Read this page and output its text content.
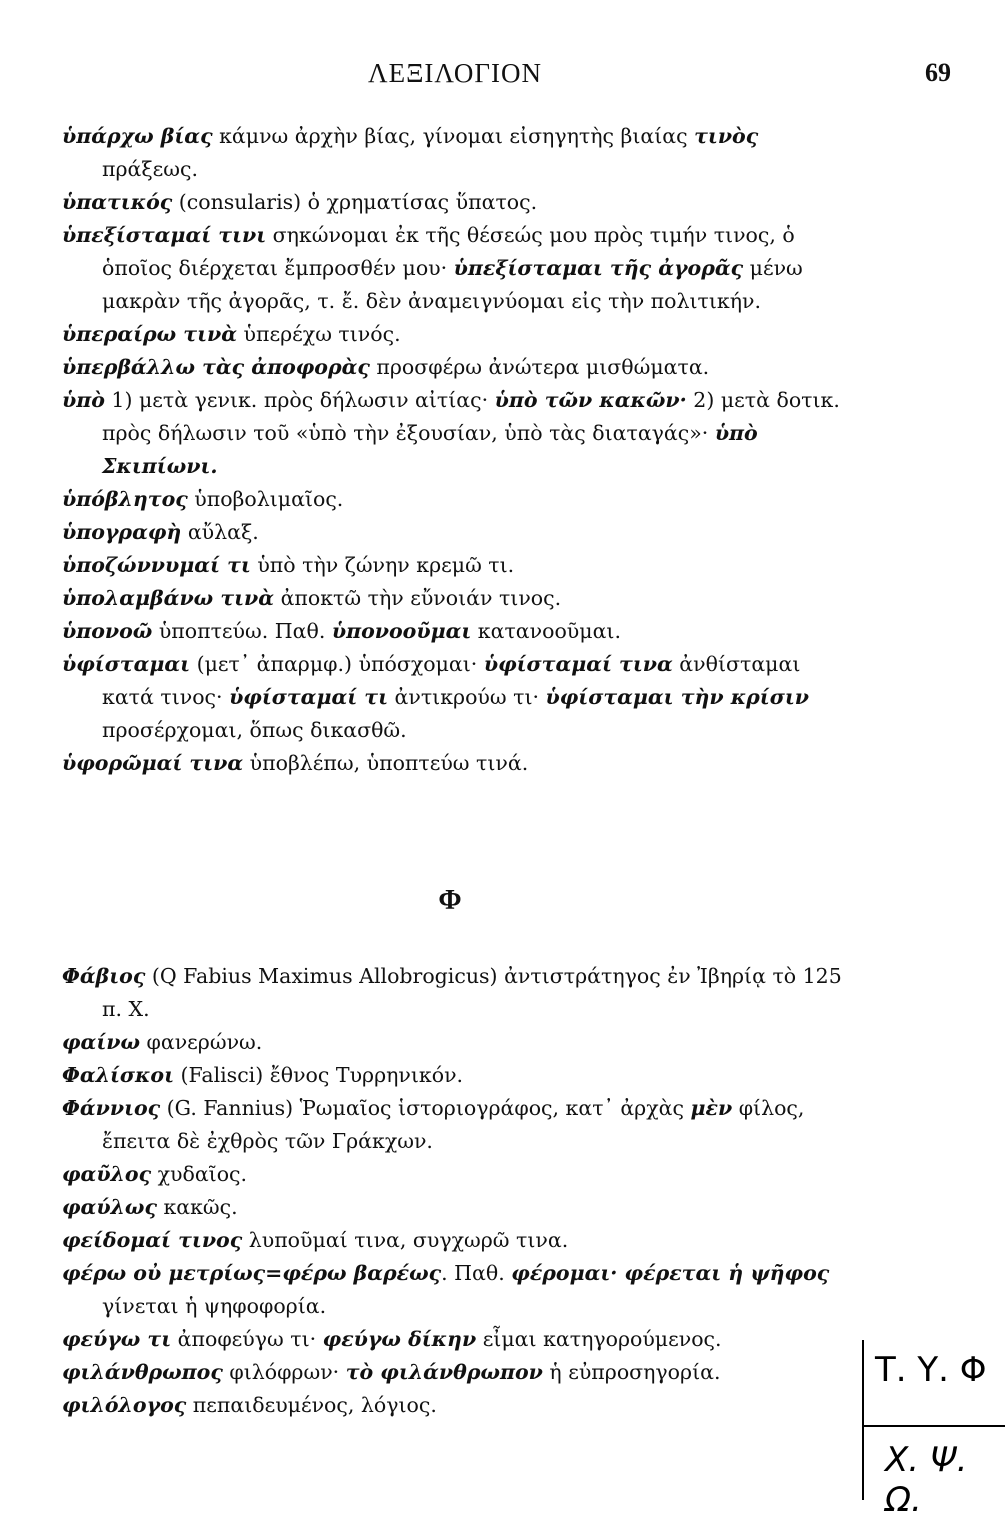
ΛΕΞΙΛΟΓΙΟΝ	69

ὑπάρχω βίας κάμνω ἀρχὴν βίας, γίνομαι εἰσηγητὴς βιαίας τινὸς πράξεως.

ὑπατικός (consularis) ὁ χρηματίσας ὕπατος.

ὑπεξίσταμαί τινι σηκώνομαι ἐκ τῆς θέσεώς μου πρὸς τιμήν τινος, ὁ ὁποῖος διέρχεται ἔμπροσθέν μου· ὑπεξίσταμαι τῆς ἀγορᾶς μένω μακρὰν τῆς ἀγορᾶς, τ. ἔ. δὲν ἀναμειγνύομαι εἰς τὴν πολιτικήν.

ὑπεραίρω τινὰ ὑπερέχω τινός.

ὑπερβάλλω τὰς ἀποφορὰς προσφέρω ἀνώτερα μισθώματα.

ὑπὸ 1) μετὰ γενικ. πρὸς δήλωσιν αἰτίας· ὑπὸ τῶν κακῶν· 2) μετὰ δοτικ. πρὸς δήλωσιν τοῦ «ὑπὸ τὴν ἐξουσίαν, ὑπὸ τὰς διαταγάς»· ὑπὸ Σκιπίωνι.

ὑπόβλητος ὑποβολιμαῖος.

ὑπογραφὴ αὔλαξ.

ὑποζώννυμαί τι ὑπὸ τὴν ζώνην κρεμῶ τι.

ὑπολαμβάνω τινὰ ἀποκτῶ τὴν εὔνοιάν τινος.

ὑπονοῶ ὑποπτεύω. Παθ. ὑπονοοῦμαι κατανοοῦμαι.

ὑφίσταμαι (μετ᾿ ἀπαρμφ.) ὑπόσχομαι· ὑφίσταμαί τινα ἀνθίσταμαι κατά τινος· ὑφίσταμαί τι ἀντικρούω τι· ὑφίσταμαι τὴν κρίσιν προσέρχομαι, ὅπως δικασθῶ.

ὑφορῶμαί τινα ὑποβλέπω, ὑποπτεύω τινά.

Φ

Φάβιος (Q Fabius Maximus Allobrogicus) ἀντιστράτηγος ἐν Ἰβηρίᾳ τὸ 125 π. Χ.

φαίνω φανερώνω.

Φαλίσκοι (Falisci) ἔθνος Τυρρηνικόν.

Φάννιος (G. Fannius) Ῥωμαῖος ἱστοριογράφος, κατ᾿ ἀρχὰς μὲν φίλος, ἔπειτα δὲ ἐχθρὸς τῶν Γράκχων.

φαῦλος χυδαῖος.

φαύλως κακῶς.

φείδομαί τινος λυποῦμαί τινα, συγχωρῶ τινα.

φέρω οὐ μετρίως=φέρω βαρέως. Παθ. φέρομαι· φέρεται ἡ ψῆφος γίνεται ἡ ψηφοφορία.

φεύγω τι ἀποφεύγω τι· φεύγω δίκην εἶμαι κατηγορούμενος.

φιλάνθρωπος φιλόφρων· τὸ φιλάνθρωπον ἡ εὐπροσηγορία.

φιλόλογος πεπαιδευμένος, λόγιος.

Τ. Υ. Φ
Χ. Ψ. Ω.
